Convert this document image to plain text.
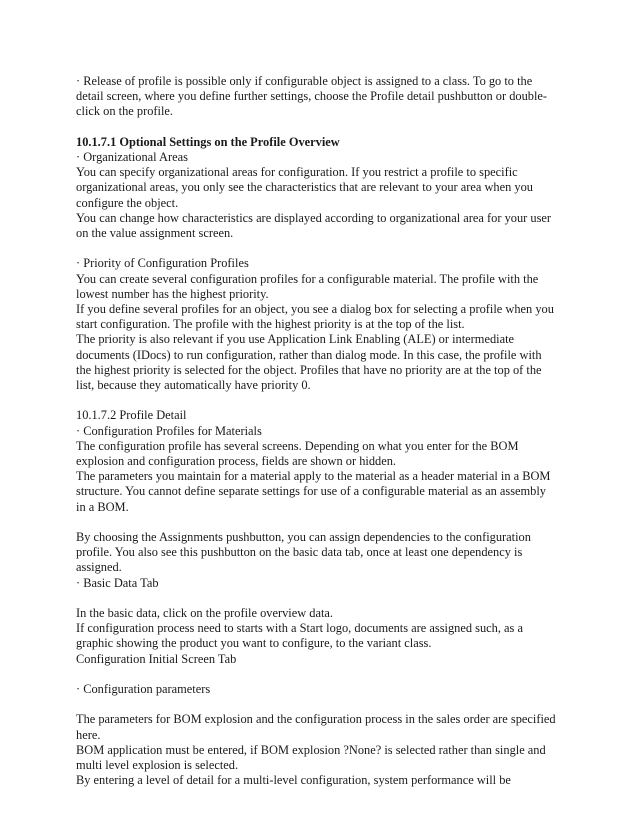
· Release of profile is possible only if configurable object is assigned to a class. To go to the
detail screen, where you define further settings, choose the Profile detail pushbutton or double-
click on the profile.

10.1.7.1 Optional Settings on the Profile Overview

· Organizational Areas
You can specify organizational areas for configuration. If you restrict a profile to specific
organizational areas, you only see the characteristics that are relevant to your area when you
configure the object.
You can change how characteristics are displayed according to organizational area for your user
on the value assignment screen.

· Priority of Configuration Profiles
You can create several configuration profiles for a configurable material. The profile with the
lowest number has the highest priority.
If you define several profiles for an object, you see a dialog box for selecting a profile when you
start configuration. The profile with the highest priority is at the top of the list.
The priority is also relevant if you use Application Link Enabling (ALE) or intermediate
documents (IDocs) to run configuration, rather than dialog mode. In this case, the profile with
the highest priority is selected for the object. Profiles that have no priority are at the top of the
list, because they automatically have priority 0.

10.1.7.2 Profile Detail
· Configuration Profiles for Materials
The configuration profile has several screens. Depending on what you enter for the BOM
explosion and configuration process, fields are shown or hidden.
The parameters you maintain for a material apply to the material as a header material in a BOM
structure. You cannot define separate settings for use of a configurable material as an assembly
in a BOM.

By choosing the Assignments pushbutton, you can assign dependencies to the configuration
profile. You also see this pushbutton on the basic data tab, once at least one dependency is
assigned.
· Basic Data Tab

In the basic data, click on the profile overview data.
If configuration process need to starts with a Start logo, documents are assigned such, as a
graphic showing the product you want to configure, to the variant class.
Configuration Initial Screen Tab

· Configuration parameters

The parameters for BOM explosion and the configuration process in the sales order are specified
here.
BOM application must be entered, if BOM explosion ?None? is selected rather than single and
multi level explosion is selected.
By entering a level of detail for a multi-level configuration, system performance will be
